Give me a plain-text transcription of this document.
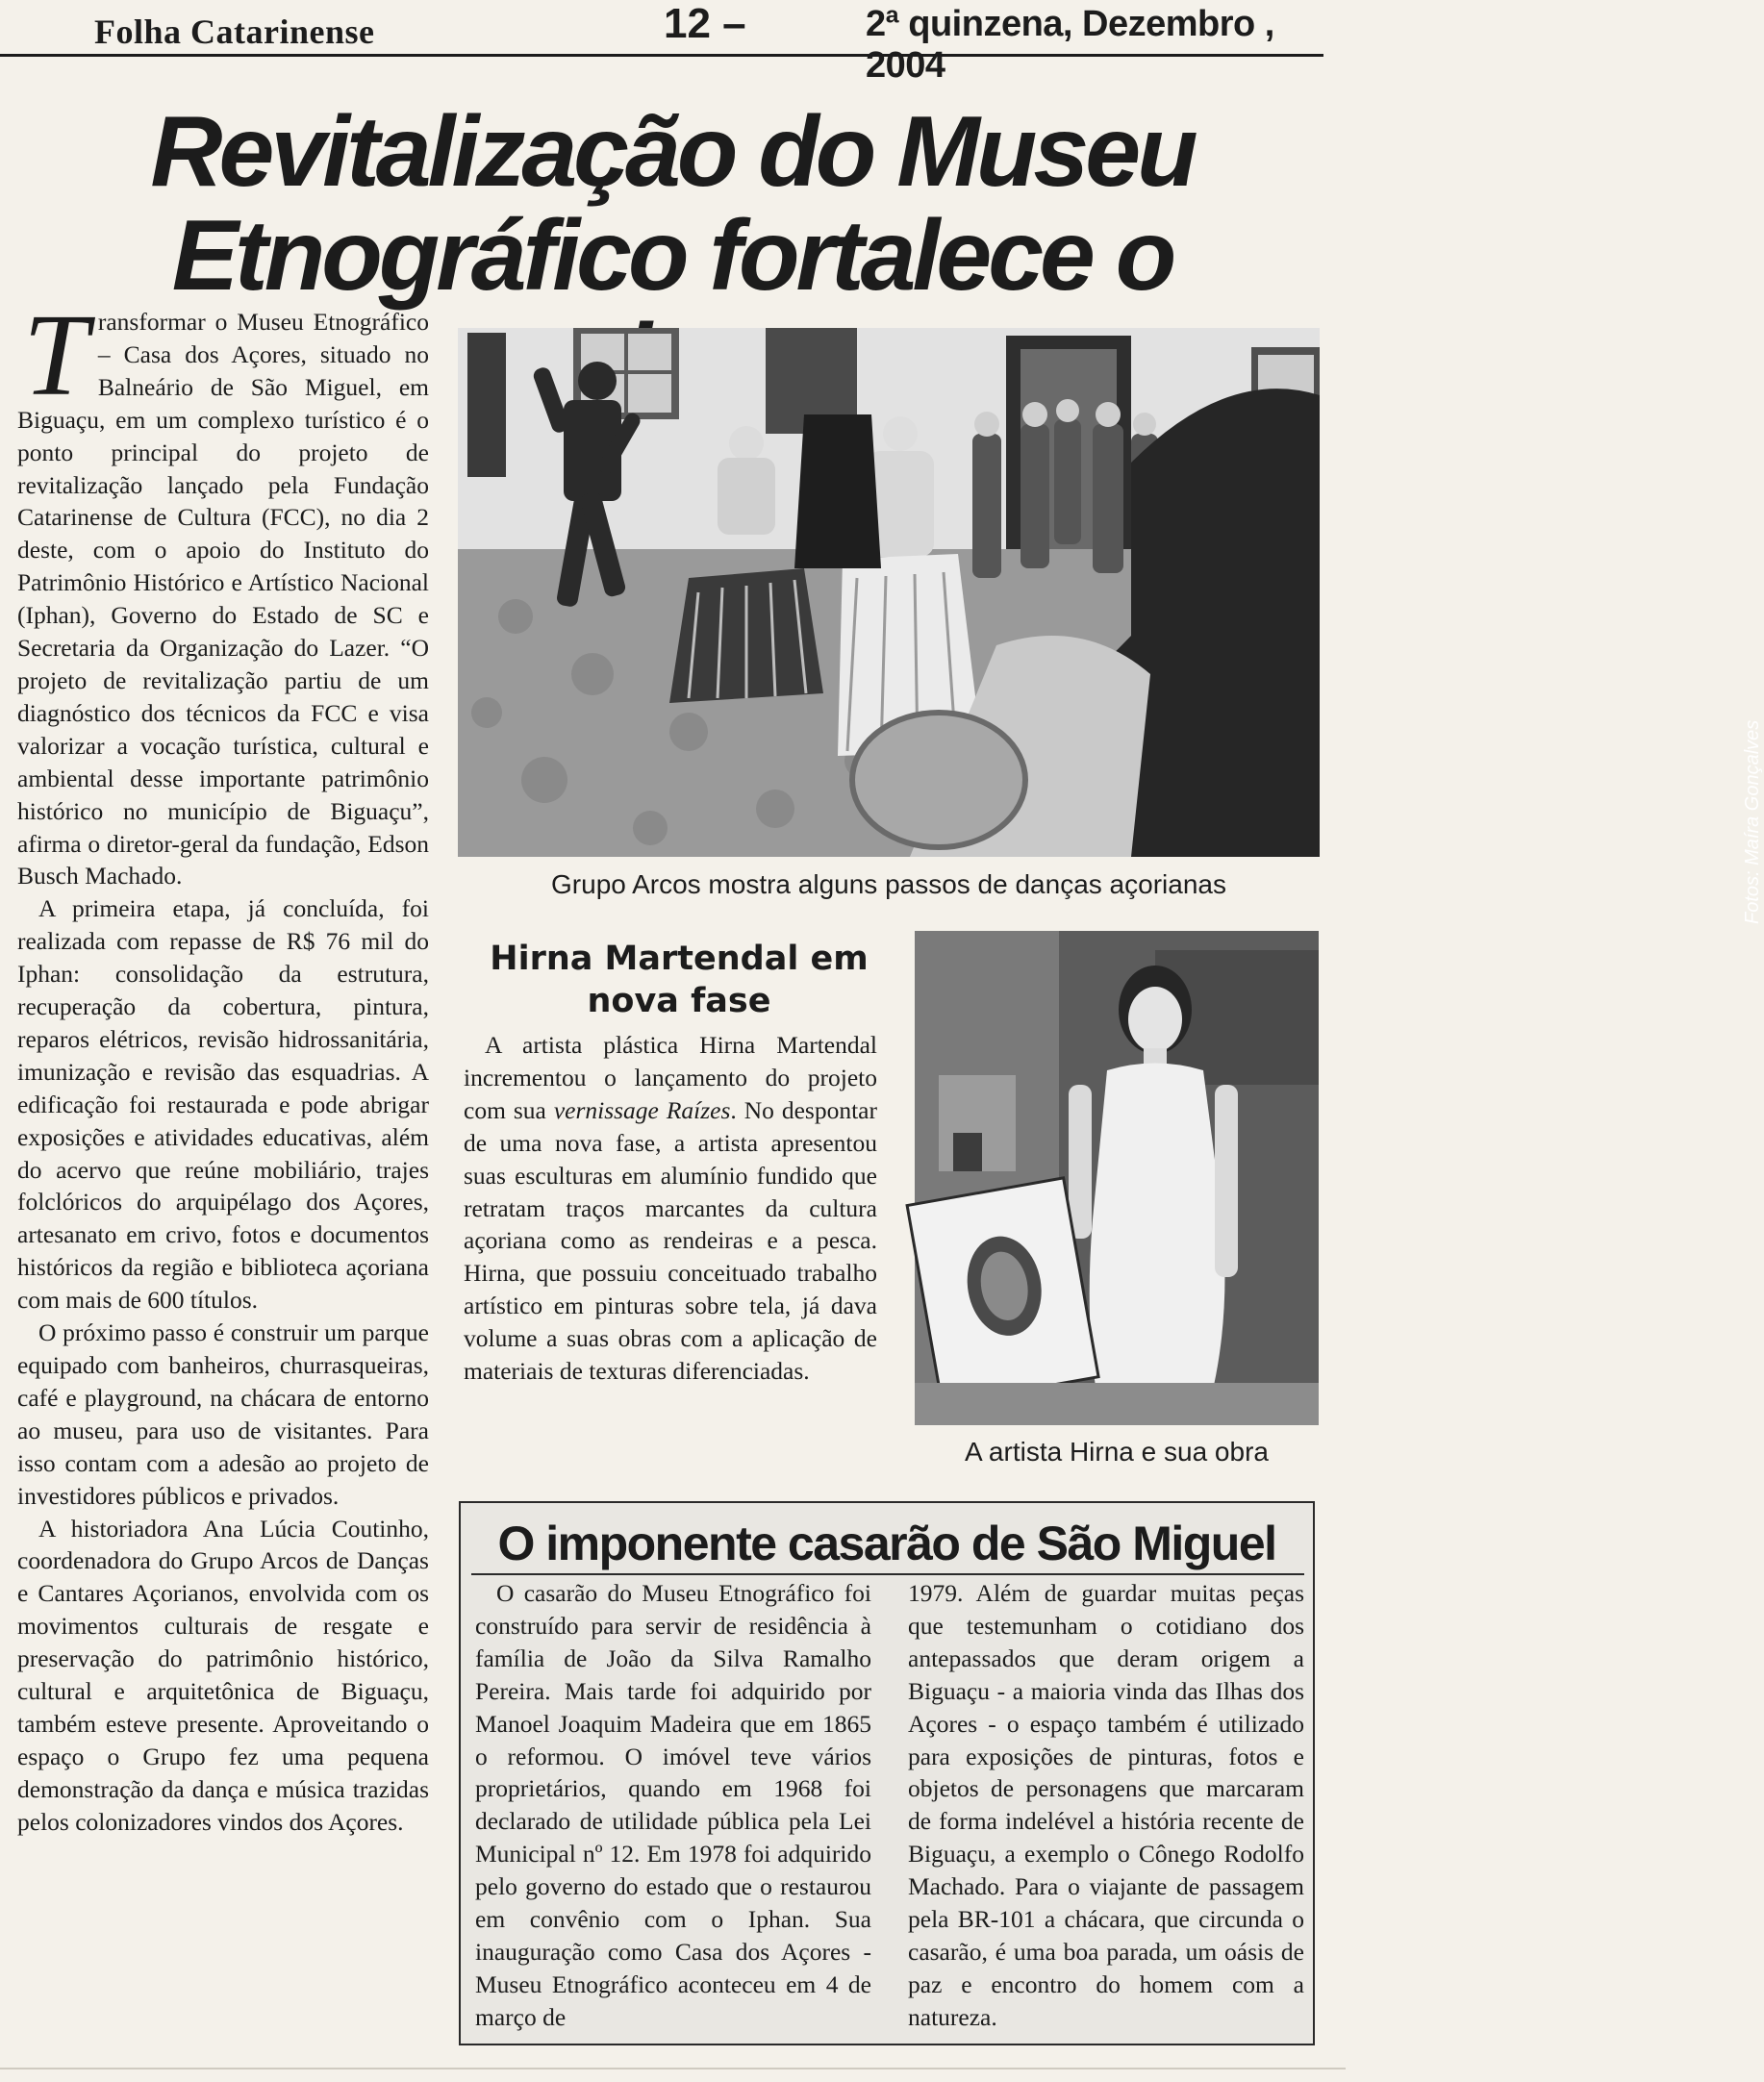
Folha Catarinense	12 –	2ª quinzena, Dezembro , 2004
Revitalização do Museu
Etnográfico fortalece o

Transformar o Museu Etnográfico – Casa dos Açores, situado no Balneário de São Miguel, em Biguaçu, em um complexo turístico é o ponto principal do projeto de revitalização lançado pela Fundação Catarinense de Cultura (FCC), no dia 2 deste, com o apoio do Instituto do Patrimônio Histórico e Artístico Nacional (Iphan), Governo do Estado de SC e Secretaria da Organização do Lazer. “O projeto de revitalização partiu de um diagnóstico dos técnicos da FCC e visa valorizar a vocação turística, cultural e ambiental desse importante patrimônio histórico no município de Biguaçu”, afirma o diretor-geral da fundação, Edson Busch Machado.

A primeira etapa, já concluída, foi realizada com repasse de R$ 76 mil do Iphan: consolidação da estrutura, recuperação da cobertura, pintura, reparos elétricos, revisão hidrossanitária, imunização e revisão das esquadrias. A edificação foi restaurada e pode abrigar exposições e atividades educativas, além do acervo que reúne mobiliário, trajes folclóricos do arquipélago dos Açores, artesanato em crivo, fotos e documentos históricos da região e biblioteca açoriana com mais de 600 títulos.

O próximo passo é construir um parque equipado com banheiros, churrasqueiras, café e playground, na chácara de entorno ao museu, para uso de visitantes. Para isso contam com a adesão ao projeto de investidores públicos e privados.

A historiadora Ana Lúcia Coutinho, coordenadora do Grupo Arcos de Danças e Cantares Açorianos, envolvida com os movimentos culturais de resgate e preservação do patrimônio histórico, cultural e arquitetônica de Biguaçu, também esteve presente. Aproveitando o espaço o Grupo fez uma pequena demonstração da dança e música trazidas pelos colonizadores vindos dos Açores.

Fotos: Maíra Gonçalves
Grupo Arcos mostra alguns passos de danças açorianas
Hirna Martendal em nova fase

A artista plástica Hirna Martendal incrementou o lançamento do projeto com sua vernissage Raízes. No despontar de uma nova fase, a artista apresentou suas esculturas em alumínio fundido que retratam traços marcantes da cultura açoriana como as rendeiras e a pesca. Hirna, que possuiu conceituado trabalho artístico em pinturas sobre tela, já dava volume a suas obras com a aplicação de materiais de texturas diferenciadas.

A artista Hirna e sua obra
O imponente casarão de São Miguel

O casarão do Museu Etnográfico foi construído para servir de residência à família de João da Silva Ramalho Pereira. Mais tarde foi adquirido por Manoel Joaquim Madeira que em 1865 o reformou. O imóvel teve vários proprietários, quando em 1968 foi declarado de utilidade pública pela Lei Municipal nº 12. Em 1978 foi adquirido pelo governo do estado que o restaurou em convênio com o Iphan. Sua inauguração como Casa dos Açores - Museu Etnográfico aconteceu em 4 de março de

1979. Além de guardar muitas peças que testemunham o cotidiano dos antepassados que deram origem a Biguaçu - a maioria vinda das Ilhas dos Açores - o espaço também é utilizado para exposições de pinturas, fotos e objetos de personagens que marcaram de forma indelével a história recente de Biguaçu, a exemplo o Cônego Rodolfo Machado. Para o viajante de passagem pela BR-101 a chácara, que circunda o casarão, é uma boa parada, um oásis de paz e encontro do homem com a natureza.
